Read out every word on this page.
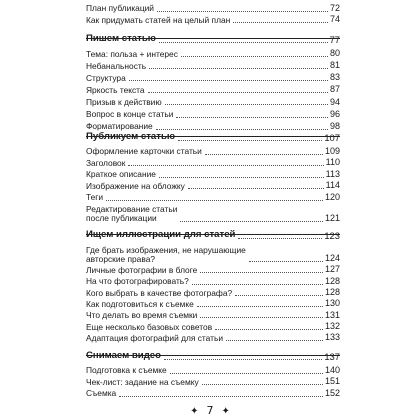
План публикаций	72
Как придумать статей на целый план	74
Пишем статью	77
Тема: польза + интерес	80
Небанальность	81
Структура	83
Яркость текста	87
Призыв к действию	94
Вопрос в конце статьи	96
Форматирование	98
Публикуем статью	107
Оформление карточки статьи	109
Заголовок	110
Краткое описание	113
Изображение на обложку	114
Теги	120
Редактирование статьи
после публикации	121
Ищем иллюстрации для статей	123
Где брать изображения, не нарушающие
авторские права?	124
Личные фотографии в блоге	127
На что фотографировать?	128
Кого выбрать в качестве фотографа?	128
Как подготовиться к съемке	130
Что делать во время съемки	131
Еще несколько базовых советов	132
Адаптация фотографий для статьи	133
Снимаем видео	137
Подготовка к съемке	140
Чек-лист: задание на съемку	151
Съемка	152
✦ 7 ✦
